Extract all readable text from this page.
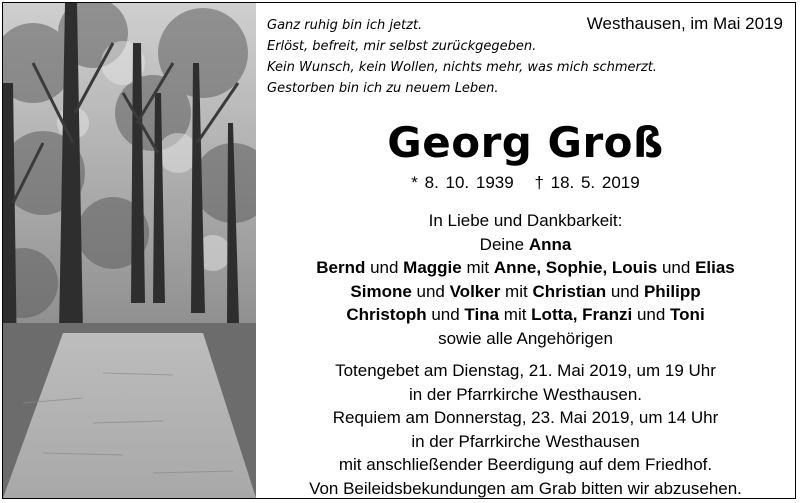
Ganz ruhig bin ich jetzt.
Erlöst, befreit, mir selbst zurückgegeben.
Kein Wunsch, kein Wollen, nichts mehr, was mich schmerzt.
Gestorben bin ich zu neuem Leben.
Westhausen, im Mai 2019
Georg Groß
* 8. 10. 1939 † 18. 5. 2019
In Liebe und Dankbarkeit:
Deine Anna
Bernd und Maggie mit Anne, Sophie, Louis und Elias
Simone und Volker mit Christian und Philipp
Christoph und Tina mit Lotta, Franzi und Toni
sowie alle Angehörigen
Totengebet am Dienstag, 21. Mai 2019, um 19 Uhr
in der Pfarrkirche Westhausen.
Requiem am Donnerstag, 23. Mai 2019, um 14 Uhr
in der Pfarrkirche Westhausen
mit anschließender Beerdigung auf dem Friedhof.
Von Beileidsbekundungen am Grab bitten wir abzusehen.
